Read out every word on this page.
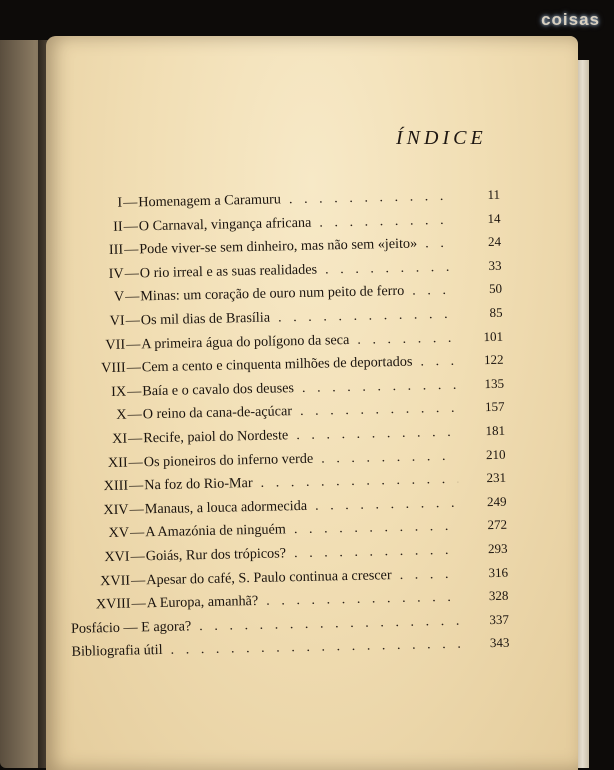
coisas
ÍNDICE
I — Homenagem a Caramuru . . .	11
II — O Carnaval, vingança africana . . .	14
III — Pode viver-se sem dinheiro, mas não sem «jeito» . . .	24
IV — O rio irreal e as suas realidades . . .	33
V — Minas: um coração de ouro num peito de ferro . . .	50
VI — Os mil dias de Brasília . . .	85
VII — A primeira água do polígono da seca . . .	101
VIII — Cem a cento e cinquenta milhões de deportados . . .	122
IX — Baía e o cavalo dos deuses . . .	135
X — O reino da cana-de-açúcar . . .	157
XI — Recife, paiol do Nordeste . . .	181
XII — Os pioneiros do inferno verde . . .	210
XIII — Na foz do Rio-Mar . . .	231
XIV — Manaus, a louca adormecida . . .	249
XV — A Amazónia de ninguém . . .	272
XVI — Goiás, Rur dos trópicos? . . .	293
XVII — Apesar do café, S. Paulo continua a crescer . . .	316
XVIII — A Europa, amanhã? . . .	328
Posfácio — E agora? . . .	337
Bibliografia útil . . .	343
